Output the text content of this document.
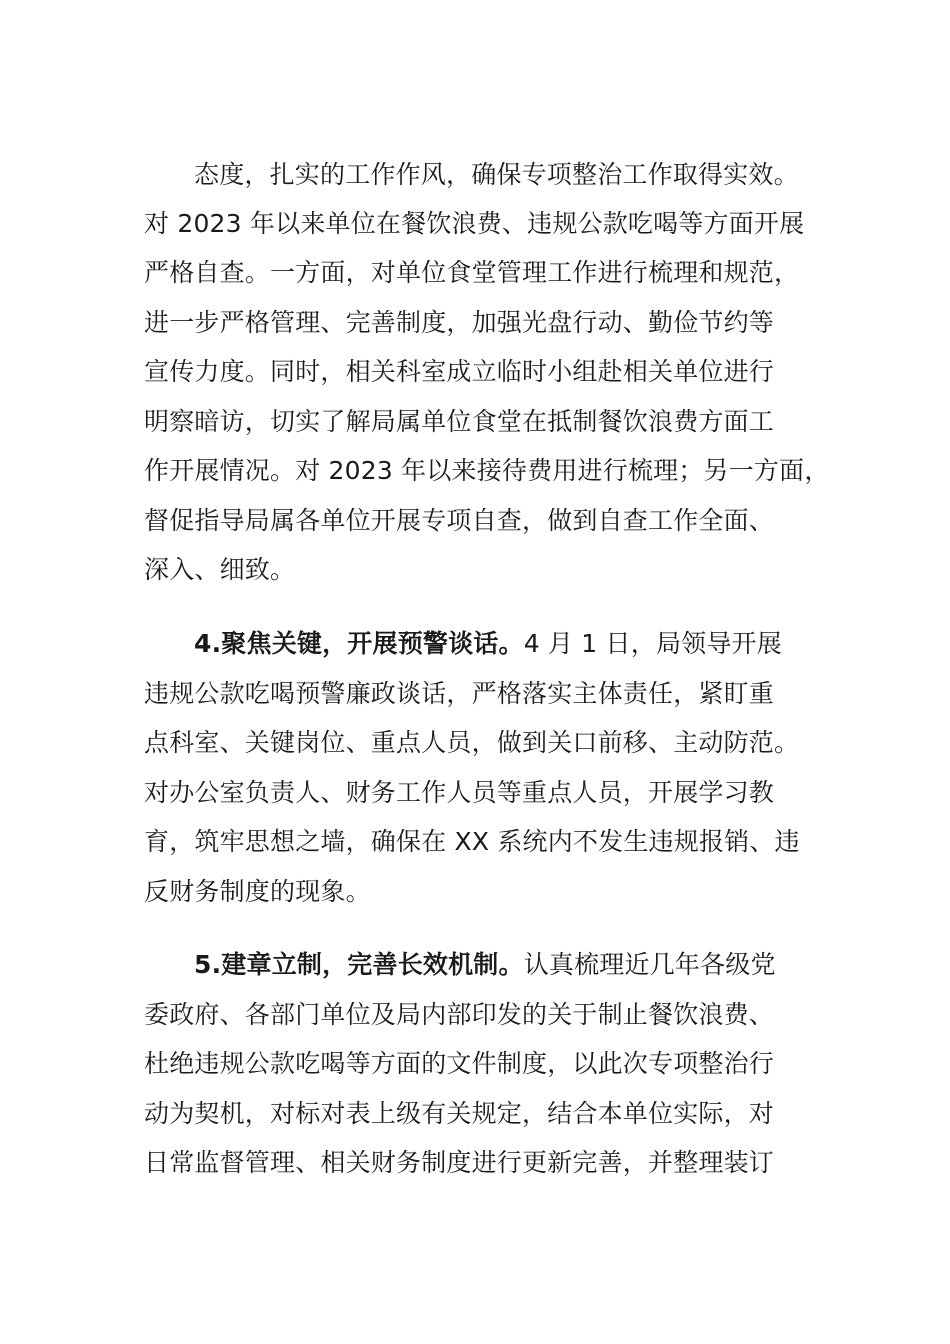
态度，扎实的工作作风，确保专项整治工作取得实效。
对 2023 年以来单位在餐饮浪费、违规公款吃喝等方面开展
严格自查。一方面，对单位食堂管理工作进行梳理和规范，
进一步严格管理、完善制度，加强光盘行动、勤俭节约等
宣传力度。同时，相关科室成立临时小组赴相关单位进行
明察暗访，切实了解局属单位食堂在抵制餐饮浪费方面工
作开展情况。对 2023 年以来接待费用进行梳理；另一方面，
督促指导局属各单位开展专项自查，做到自查工作全面、
深入、细致。
4.聚焦关键，开展预警谈话。4 月 1 日，局领导开展
违规公款吃喝预警廉政谈话，严格落实主体责任，紧盯重
点科室、关键岗位、重点人员，做到关口前移、主动防范。
对办公室负责人、财务工作人员等重点人员，开展学习教
育，筑牢思想之墙，确保在 XX 系统内不发生违规报销、违
反财务制度的现象。
5.建章立制，完善长效机制。认真梳理近几年各级党
委政府、各部门单位及局内部印发的关于制止餐饮浪费、
杜绝违规公款吃喝等方面的文件制度，以此次专项整治行
动为契机，对标对表上级有关规定，结合本单位实际，对
日常监督管理、相关财务制度进行更新完善，并整理装订
